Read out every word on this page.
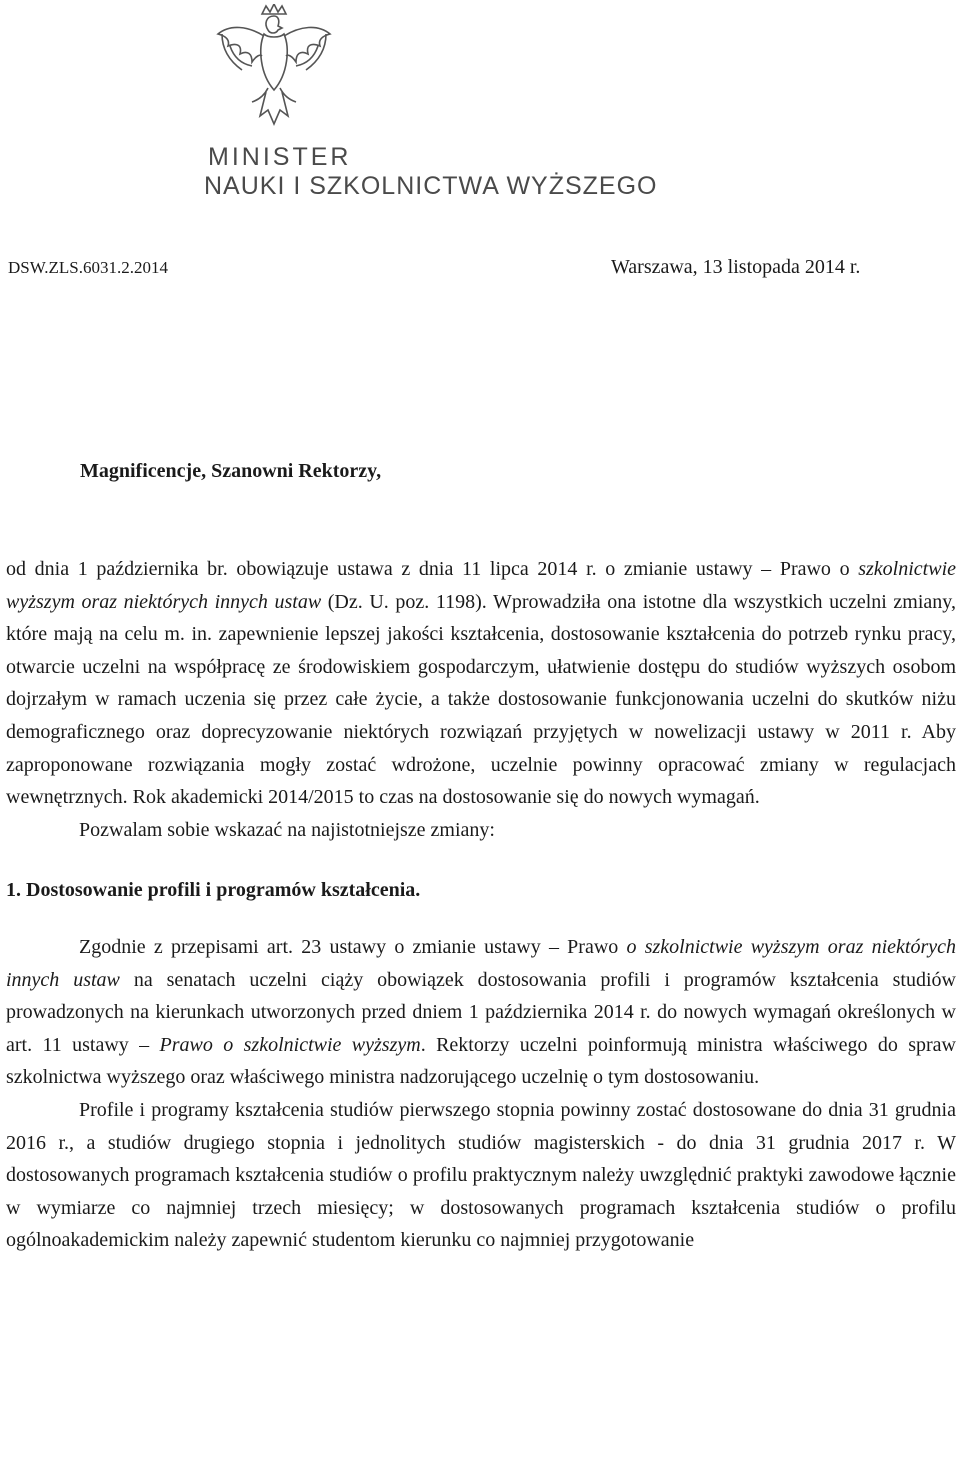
MINISTER
NAUKI I SZKOLNICTWA WYŻSZEGO
DSW.ZLS.6031.2.2014	Warszawa, 13 listopada 2014 r.
Magnificencje, Szanowni Rektorzy,

od dnia 1 października br. obowiązuje ustawa z dnia 11 lipca 2014 r. o zmianie ustawy – Prawo o szkolnictwie wyższym oraz niektórych innych ustaw (Dz. U. poz. 1198). Wprowadziła ona istotne dla wszystkich uczelni zmiany, które mają na celu m. in. zapewnienie lepszej jakości kształcenia, dostosowanie kształcenia do potrzeb rynku pracy, otwarcie uczelni na współpracę ze środowiskiem gospodarczym, ułatwienie dostępu do studiów wyższych osobom dojrzałym w ramach uczenia się przez całe życie, a także dostosowanie funkcjonowania uczelni do skutków niżu demograficznego oraz doprecyzowanie niektórych rozwiązań przyjętych w nowelizacji ustawy w 2011 r. Aby zaproponowane rozwiązania mogły zostać wdrożone, uczelnie powinny opracować zmiany w regulacjach wewnętrznych. Rok akademicki 2014/2015 to czas na dostosowanie się do nowych wymagań.

Pozwalam sobie wskazać na najistotniejsze zmiany:

1. Dostosowanie profili i programów kształcenia.

Zgodnie z przepisami art. 23 ustawy o zmianie ustawy – Prawo o szkolnictwie wyższym oraz niektórych innych ustaw na senatach uczelni ciąży obowiązek dostosowania profili i programów kształcenia studiów prowadzonych na kierunkach utworzonych przed dniem 1 października 2014 r. do nowych wymagań określonych w art. 11 ustawy – Prawo o szkolnictwie wyższym. Rektorzy uczelni poinformują ministra właściwego do spraw szkolnictwa wyższego oraz właściwego ministra nadzorującego uczelnię o tym dostosowaniu.

Profile i programy kształcenia studiów pierwszego stopnia powinny zostać dostosowane do dnia 31 grudnia 2016 r., a studiów drugiego stopnia i jednolitych studiów magisterskich - do dnia 31 grudnia 2017 r. W dostosowanych programach kształcenia studiów o profilu praktycznym należy uwzględnić praktyki zawodowe łącznie w wymiarze co najmniej trzech miesięcy; w dostosowanych programach kształcenia studiów o profilu ogólnoakademickim należy zapewnić studentom kierunku co najmniej przygotowanie
